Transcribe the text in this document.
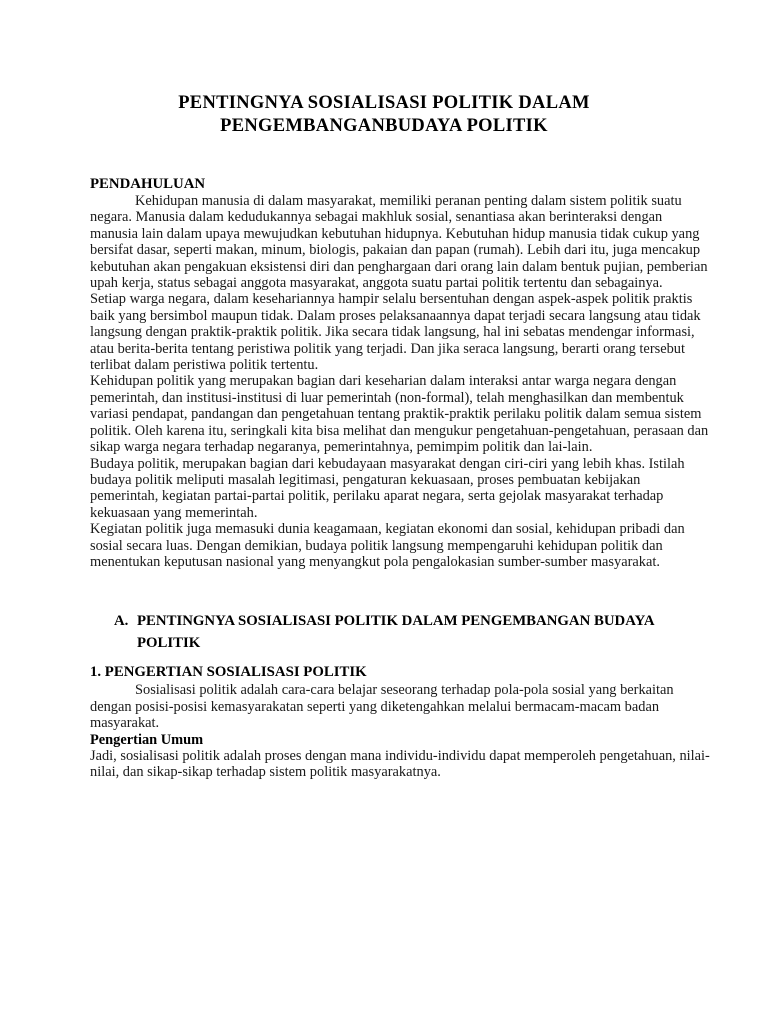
PENTINGNYA SOSIALISASI POLITIK DALAM
PENGEMBANGANBUDAYA POLITIK
PENDAHULUAN

Kehidupan manusia di dalam masyarakat, memiliki peranan penting dalam sistem politik suatu negara. Manusia dalam kedudukannya sebagai makhluk sosial, senantiasa akan berinteraksi dengan manusia lain dalam upaya mewujudkan kebutuhan hidupnya. Kebutuhan hidup manusia tidak cukup yang bersifat dasar, seperti makan, minum, biologis, pakaian dan papan (rumah). Lebih dari itu, juga mencakup kebutuhan akan pengakuan eksistensi diri dan penghargaan dari orang lain dalam bentuk pujian, pemberian upah kerja, status sebagai anggota masyarakat, anggota suatu partai politik tertentu dan sebagainya.

Setiap warga negara, dalam kesehariannya hampir selalu bersentuhan dengan aspek-aspek politik praktis baik yang bersimbol maupun tidak. Dalam proses pelaksanaannya dapat terjadi secara langsung atau tidak langsung dengan praktik-praktik politik. Jika secara tidak langsung, hal ini sebatas mendengar informasi, atau berita-berita tentang peristiwa politik yang terjadi. Dan jika seraca langsung, berarti orang tersebut terlibat dalam peristiwa politik tertentu.

Kehidupan politik yang merupakan bagian dari keseharian dalam interaksi antar warga negara dengan pemerintah, dan institusi-institusi di luar pemerintah (non-formal), telah menghasilkan dan membentuk variasi pendapat, pandangan dan pengetahuan tentang praktik-praktik perilaku politik dalam semua sistem politik. Oleh karena itu, seringkali kita bisa melihat dan mengukur pengetahuan-pengetahuan, perasaan dan sikap warga negara terhadap negaranya, pemerintahnya, pemimpim politik dan lai-lain.

Budaya politik, merupakan bagian dari kebudayaan masyarakat dengan ciri-ciri yang lebih khas. Istilah budaya politik meliputi masalah legitimasi, pengaturan kekuasaan, proses pembuatan kebijakan pemerintah, kegiatan partai-partai politik, perilaku aparat negara, serta gejolak masyarakat terhadap kekuasaan yang memerintah.

Kegiatan politik juga memasuki dunia keagamaan, kegiatan ekonomi dan sosial, kehidupan pribadi dan sosial secara luas. Dengan demikian, budaya politik langsung mempengaruhi kehidupan politik dan menentukan keputusan nasional yang menyangkut pola pengalokasian sumber-sumber masyarakat.

A. PENTINGNYA SOSIALISASI POLITIK DALAM PENGEMBANGAN BUDAYA POLITIK
1. PENGERTIAN SOSIALISASI POLITIK

Sosialisasi politik adalah cara-cara belajar seseorang terhadap pola-pola sosial yang berkaitan dengan posisi-posisi kemasyarakatan seperti yang diketengahkan melalui bermacam-macam badan masyarakat.

Pengertian Umum

Jadi, sosialisasi politik adalah proses dengan mana individu-individu dapat memperoleh pengetahuan, nilai-nilai, dan sikap-sikap terhadap sistem politik masyarakatnya.
